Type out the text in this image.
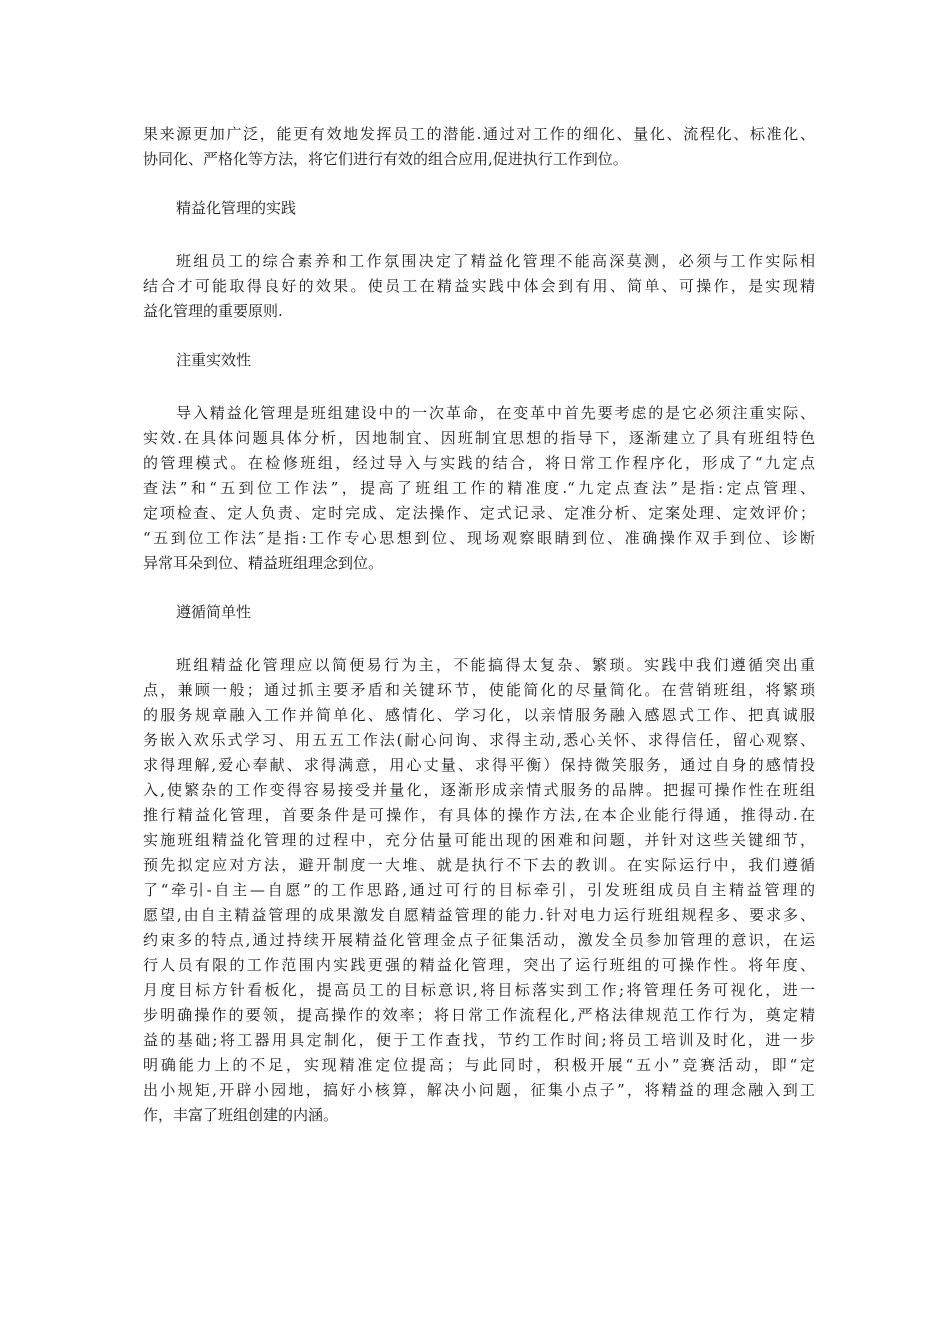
果来源更加广泛，能更有效地发挥员工的潜能.通过对工作的细化、量化、流程化、标准化、
协同化、严格化等方法，将它们进行有效的组合应用,促进执行工作到位。
精益化管理的实践
班组员工的综合素养和工作氛围决定了精益化管理不能高深莫测，必须与工作实际相
结合才可能取得良好的效果。使员工在精益实践中体会到有用、简单、可操作，是实现精
益化管理的重要原则.
注重实效性
导入精益化管理是班组建设中的一次革命，在变革中首先要考虑的是它必须注重实际、
实效.在具体问题具体分析，因地制宜、因班制宜思想的指导下，逐渐建立了具有班组特色
的管理模式。在检修班组，经过导入与实践的结合，将日常工作程序化，形成了“九定点
查法”和“五到位工作法”，提高了班组工作的精准度.“九定点查法”是指:定点管理、
定项检查、定人负责、定时完成、定法操作、定式记录、定准分析、定案处理、定效评价；
“五到位工作法″是指:工作专心思想到位、现场观察眼睛到位、准确操作双手到位、诊断
异常耳朵到位、精益班组理念到位。
遵循简单性
班组精益化管理应以简便易行为主，不能搞得太复杂、繁琐。实践中我们遵循突出重
点，兼顾一般；通过抓主要矛盾和关键环节，使能简化的尽量简化。在营销班组，将繁琐
的服务规章融入工作并简单化、感情化、学习化，以亲情服务融入感恩式工作、把真诚服
务嵌入欢乐式学习、用五五工作法(耐心问询、求得主动,悉心关怀、求得信任，留心观察、
求得理解,爱心奉献、求得满意，用心丈量、求得平衡）保持微笑服务，通过自身的感情投
入,使繁杂的工作变得容易接受并量化，逐渐形成亲情式服务的品牌。把握可操作性在班组
推行精益化管理，首要条件是可操作，有具体的操作方法,在本企业能行得通，推得动.在
实施班组精益化管理的过程中，充分估量可能出现的困难和问题，并针对这些关键细节，
预先拟定应对方法，避开制度一大堆、就是执行不下去的教训。在实际运行中，我们遵循
了“牵引-自主—自愿”的工作思路,通过可行的目标牵引，引发班组成员自主精益管理的
愿望,由自主精益管理的成果激发自愿精益管理的能力.针对电力运行班组规程多、要求多、
约束多的特点,通过持续开展精益化管理金点子征集活动，激发全员参加管理的意识，在运
行人员有限的工作范围内实践更强的精益化管理，突出了运行班组的可操作性。将年度、
月度目标方针看板化，提高员工的目标意识,将目标落实到工作;将管理任务可视化，进一
步明确操作的要领，提高操作的效率；将日常工作流程化,严格法律规范工作行为，奠定精
益的基础;将工器用具定制化，便于工作查找，节约工作时间;将员工培训及时化，进一步
明确能力上的不足，实现精准定位提高；与此同时，积极开展“五小”竞赛活动，即“定
出小规矩,开辟小园地，搞好小核算，解决小问题，征集小点子”，将精益的理念融入到工
作，丰富了班组创建的内涵。
